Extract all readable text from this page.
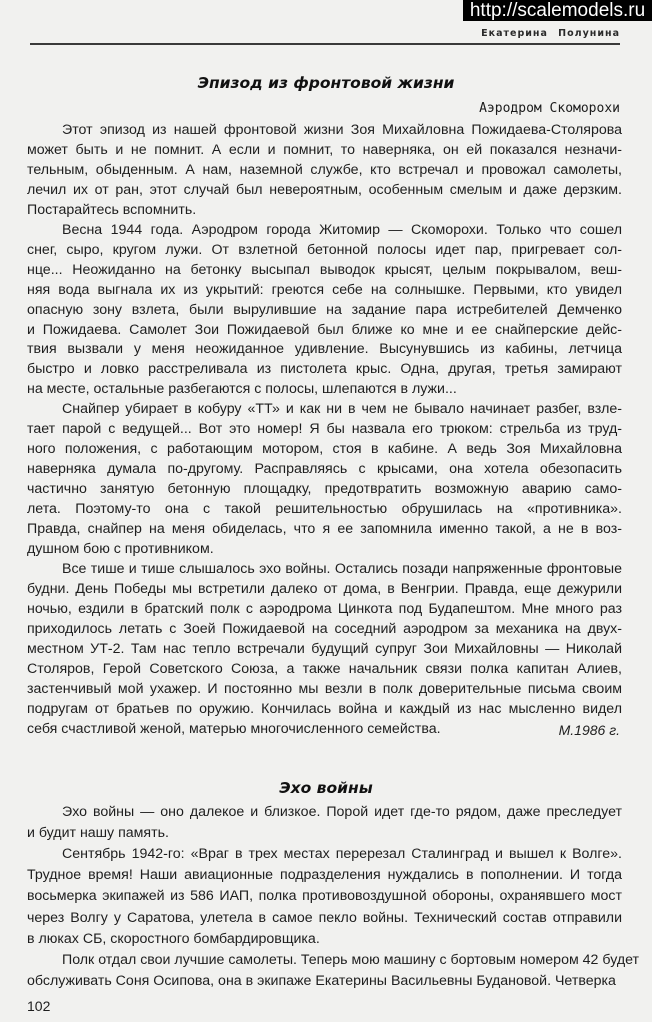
http://scalemodels.ru
Екатерина Полунина
Эпизод из фронтовой жизни
Аэродром Скоморохи
Этот эпизод из нашей фронтовой жизни Зоя Михайловна Пожидаева-Столярова
может быть и не помнит. А если и помнит, то наверняка, он ей показался незначи-
тельным, обыденным. А нам, наземной службе, кто встречал и провожал самолеты,
лечил их от ран, этот случай был невероятным, особенным смелым и даже дерзким.
Постарайтесь вспомнить.
Весна 1944 года. Аэродром города Житомир — Скоморохи. Только что сошел
снег, сыро, кругом лужи. От взлетной бетонной полосы идет пар, пригревает сол-
нце... Неожиданно на бетонку высыпал выводок крысят, целым покрывалом, веш-
няя вода выгнала их из укрытий: греются себе на солнышке. Первыми, кто увидел
опасную зону взлета, были вырулившие на задание пара истребителей Демченко
и Пожидаева. Самолет Зои Пожидаевой был ближе ко мне и ее снайперские дейс-
твия вызвали у меня неожиданное удивление. Высунувшись из кабины, летчица
быстро и ловко расстреливала из пистолета крыс. Одна, другая, третья замирают
на месте, остальные разбегаются с полосы, шлепаются в лужи...
Снайпер убирает в кобуру «ТТ» и как ни в чем не бывало начинает разбег, взле-
тает парой с ведущей... Вот это номер! Я бы назвала его трюком: стрельба из труд-
ного положения, с работающим мотором, стоя в кабине. А ведь Зоя Михайловна
наверняка думала по-другому. Расправляясь с крысами, она хотела обезопасить
частично занятую бетонную площадку, предотвратить возможную аварию само-
лета. Поэтому-то она с такой решительностью обрушилась на «противника».
Правда, снайпер на меня обиделась, что я ее запомнила именно такой, а не в воз-
душном бою с противником.
Все тише и тише слышалось эхо войны. Остались позади напряженные фронтовые
будни. День Победы мы встретили далеко от дома, в Венгрии. Правда, еще дежурили
ночью, ездили в братский полк с аэродрома Цинкота под Будапештом. Мне много раз
приходилось летать с Зоей Пожидаевой на соседний аэродром за механика на двух-
местном УТ-2. Там нас тепло встречали будущий супруг Зои Михайловны — Николай
Столяров, Герой Советского Союза, а также начальник связи полка капитан Алиев,
застенчивый мой ухажер. И постоянно мы везли в полк доверительные письма своим
подругам от братьев по оружию. Кончилась война и каждый из нас мысленно видел
себя счастливой женой, матерью многочисленного семейства.	М.1986 г.
Эхо войны
Эхо войны — оно далекое и близкое. Порой идет где-то рядом, даже преследует
и будит нашу память.
Сентябрь 1942-го: «Враг в трех местах перерезал Сталинград и вышел к Волге».
Трудное время! Наши авиационные подразделения нуждались в пополнении. И тогда
восьмерка экипажей из 586 ИАП, полка противовоздушной обороны, охранявшего мост
через Волгу у Саратова, улетела в самое пекло войны. Технический состав отправили
в люках СБ, скоростного бомбардировщика.
Полк отдал свои лучшие самолеты. Теперь мою машину с бортовым номером 42 будет
обслуживать Соня Осипова, она в экипаже Екатерины Васильевны Будановой. Четверка
102
